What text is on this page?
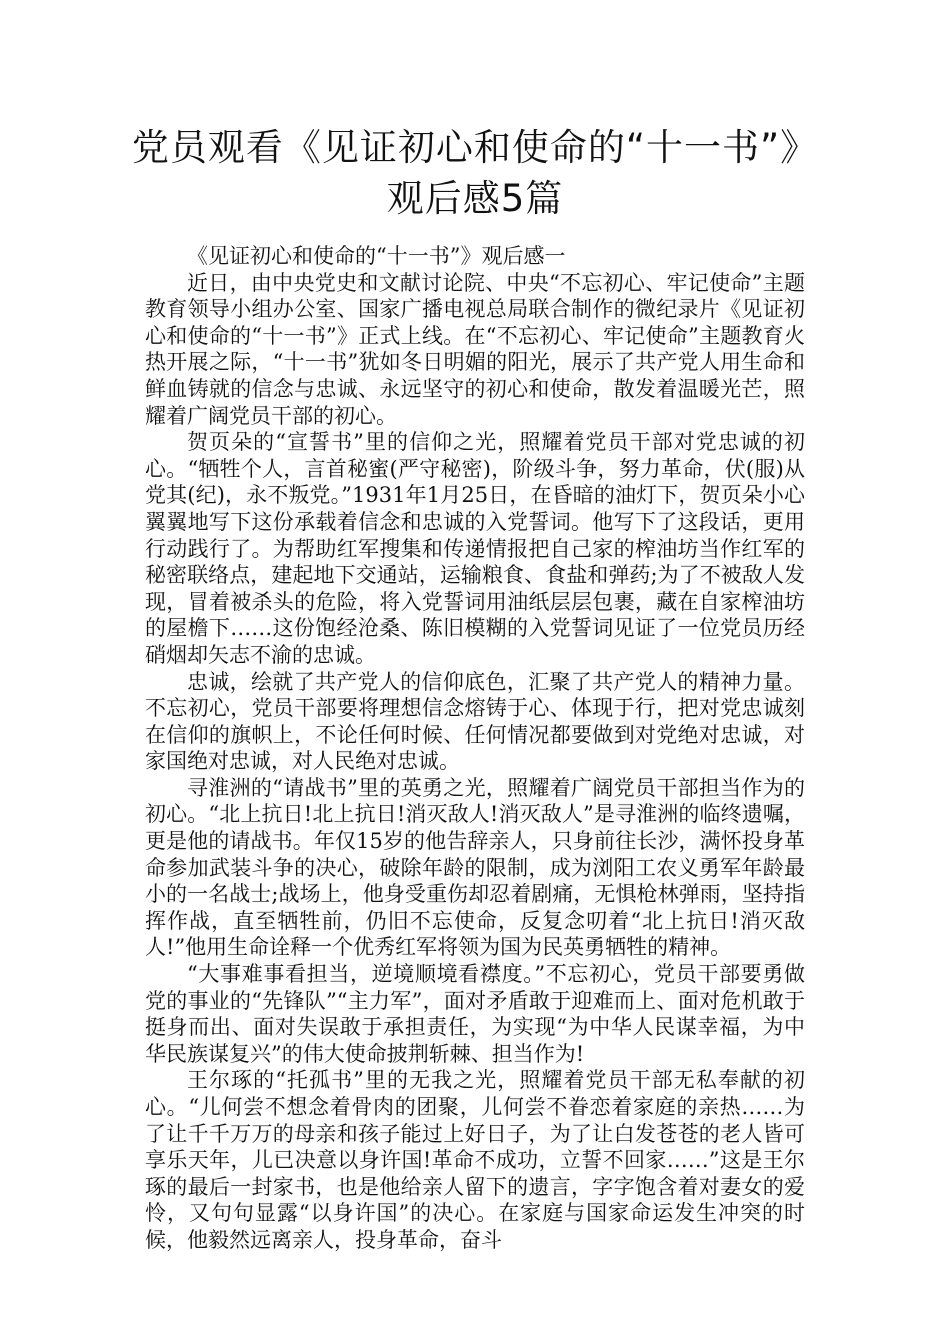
党员观看《见证初心和使命的“十一书”》观后感5篇

《见证初心和使命的“十一书”》观后感一

近日，由中央党史和文献讨论院、中央“不忘初心、牢记使命”主题教育领导小组办公室、国家广播电视总局联合制作的微纪录片《见证初心和使命的“十一书”》正式上线。在“不忘初心、牢记使命”主题教育火热开展之际，“十一书”犹如冬日明媚的阳光，展示了共产党人用生命和鲜血铸就的信念与忠诚、永远坚守的初心和使命，散发着温暖光芒，照耀着广阔党员干部的初心。

贺页朵的“宣誓书”里的信仰之光，照耀着党员干部对党忠诚的初心。“牺牲个人，言首秘蜜(严守秘密)，阶级斗争，努力革命，伏(服)从党其(纪)，永不叛党。”1931年1月25日，在昏暗的油灯下，贺页朵小心翼翼地写下这份承载着信念和忠诚的入党誓词。他写下了这段话，更用行动践行了。为帮助红军搜集和传递情报把自己家的榨油坊当作红军的秘密联络点，建起地下交通站，运输粮食、食盐和弹药;为了不被敌人发现，冒着被杀头的危险，将入党誓词用油纸层层包裹，藏在自家榨油坊的屋檐下……这份饱经沧桑、陈旧模糊的入党誓词见证了一位党员历经硝烟却矢志不渝的忠诚。

忠诚，绘就了共产党人的信仰底色，汇聚了共产党人的精神力量。不忘初心，党员干部要将理想信念熔铸于心、体现于行，把对党忠诚刻在信仰的旗帜上，不论任何时候、任何情况都要做到对党绝对忠诚，对家国绝对忠诚，对人民绝对忠诚。

寻淮洲的“请战书”里的英勇之光，照耀着广阔党员干部担当作为的初心。“北上抗日!北上抗日!消灭敌人!消灭敌人”是寻淮洲的临终遗嘱，更是他的请战书。年仅15岁的他告辞亲人，只身前往长沙，满怀投身革命参加武装斗争的决心，破除年龄的限制，成为浏阳工农义勇军年龄最小的一名战士;战场上，他身受重伤却忍着剧痛，无惧枪林弹雨，坚持指挥作战，直至牺牲前，仍旧不忘使命，反复念叨着“北上抗日!消灭敌人!”他用生命诠释一个优秀红军将领为国为民英勇牺牲的精神。

“大事难事看担当，逆境顺境看襟度。”不忘初心，党员干部要勇做党的事业的“先锋队”“主力军”，面对矛盾敢于迎难而上、面对危机敢于挺身而出、面对失误敢于承担责任，为实现“为中华人民谋幸福，为中华民族谋复兴”的伟大使命披荆斩棘、担当作为!

王尔琢的“托孤书”里的无我之光，照耀着党员干部无私奉献的初心。“儿何尝不想念着骨肉的团聚，儿何尝不眷恋着家庭的亲热……为了让千千万万的母亲和孩子能过上好日子，为了让白发苍苍的老人皆可享乐天年，儿已决意以身许国!革命不成功，立誓不回家……”这是王尔琢的最后一封家书，也是他给亲人留下的遗言，字字饱含着对妻女的爱怜，又句句显露“以身许国”的决心。在家庭与国家命运发生冲突的时候，他毅然远离亲人，投身革命，奋斗
